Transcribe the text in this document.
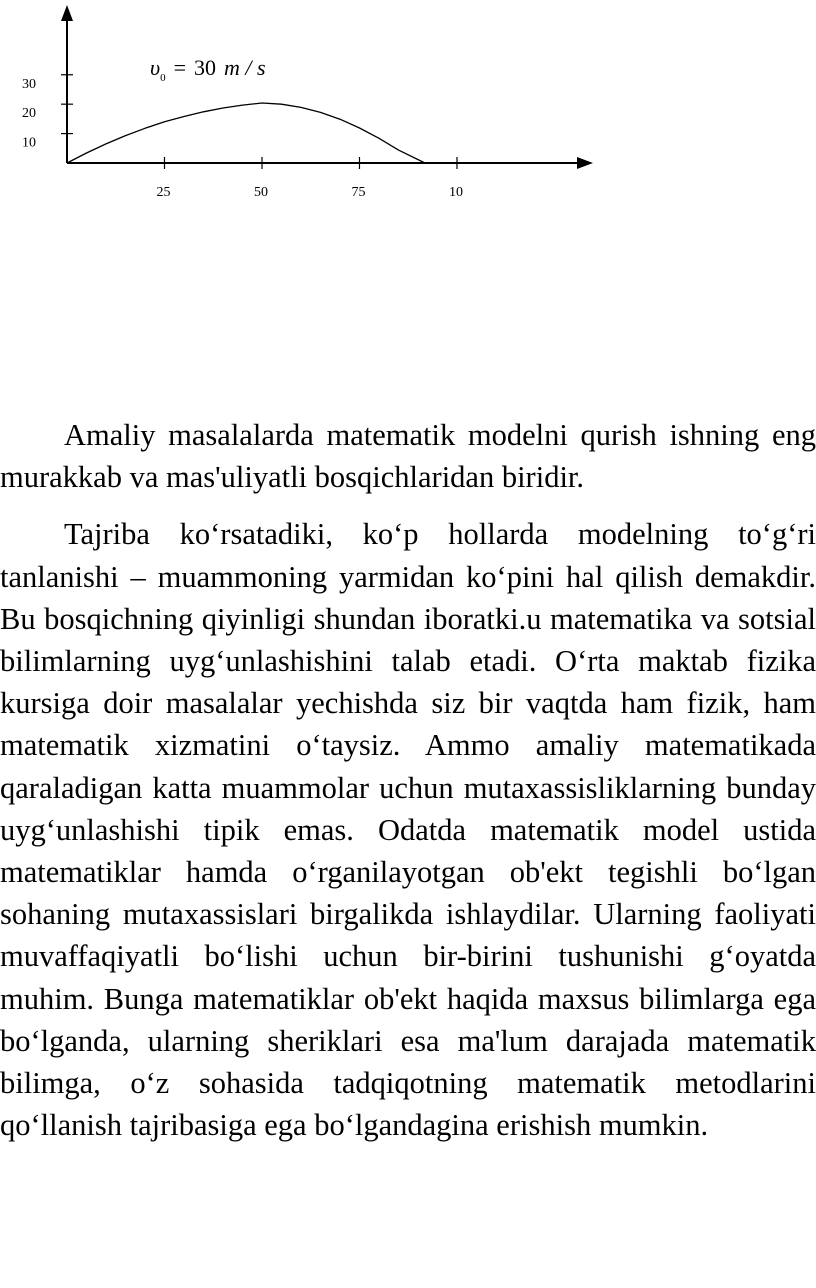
25	50	75	10
10
20
30
$\upsilon_0 = 30$ m / s

Amaliy masalalarda matematik modelni qurish ishning eng murakkab va mas'uliyatli bosqichlaridan biridir.

Tajriba ko‘rsatadiki, ko‘p hollarda modelning to‘g‘ri tanlanishi – muammoning yarmidan ko‘pini hal qilish demakdir. Bu bosqichning qiyinligi shundan iboratki.u matematika va sotsial bilimlarning uyg‘unlashishini talab etadi. O‘rta maktab fizika kursiga doir masalalar yechishda siz bir vaqtda ham fizik, ham matematik xizmatini o‘taysiz. Ammo amaliy matematikada qaraladigan katta muammolar uchun mutaxassisliklarning bunday uyg‘unlashishi tipik emas. Odatda matematik model ustida matematiklar hamda o‘rganilayotgan ob'ekt tegishli bo‘lgan sohaning mutaxassislari birgalikda ishlaydilar. Ularning faoliyati muvaffaqiyatli bo‘lishi uchun bir-birini tushunishi g‘oyatda muhim. Bunga matematiklar ob'ekt haqida maxsus bilimlarga ega bo‘lganda, ularning sheriklari esa ma'lum darajada matematik bilimga, o‘z sohasida tadqiqotning matematik metodlarini qo‘llanish tajribasiga ega bo‘lgandagina erishish mumkin.
